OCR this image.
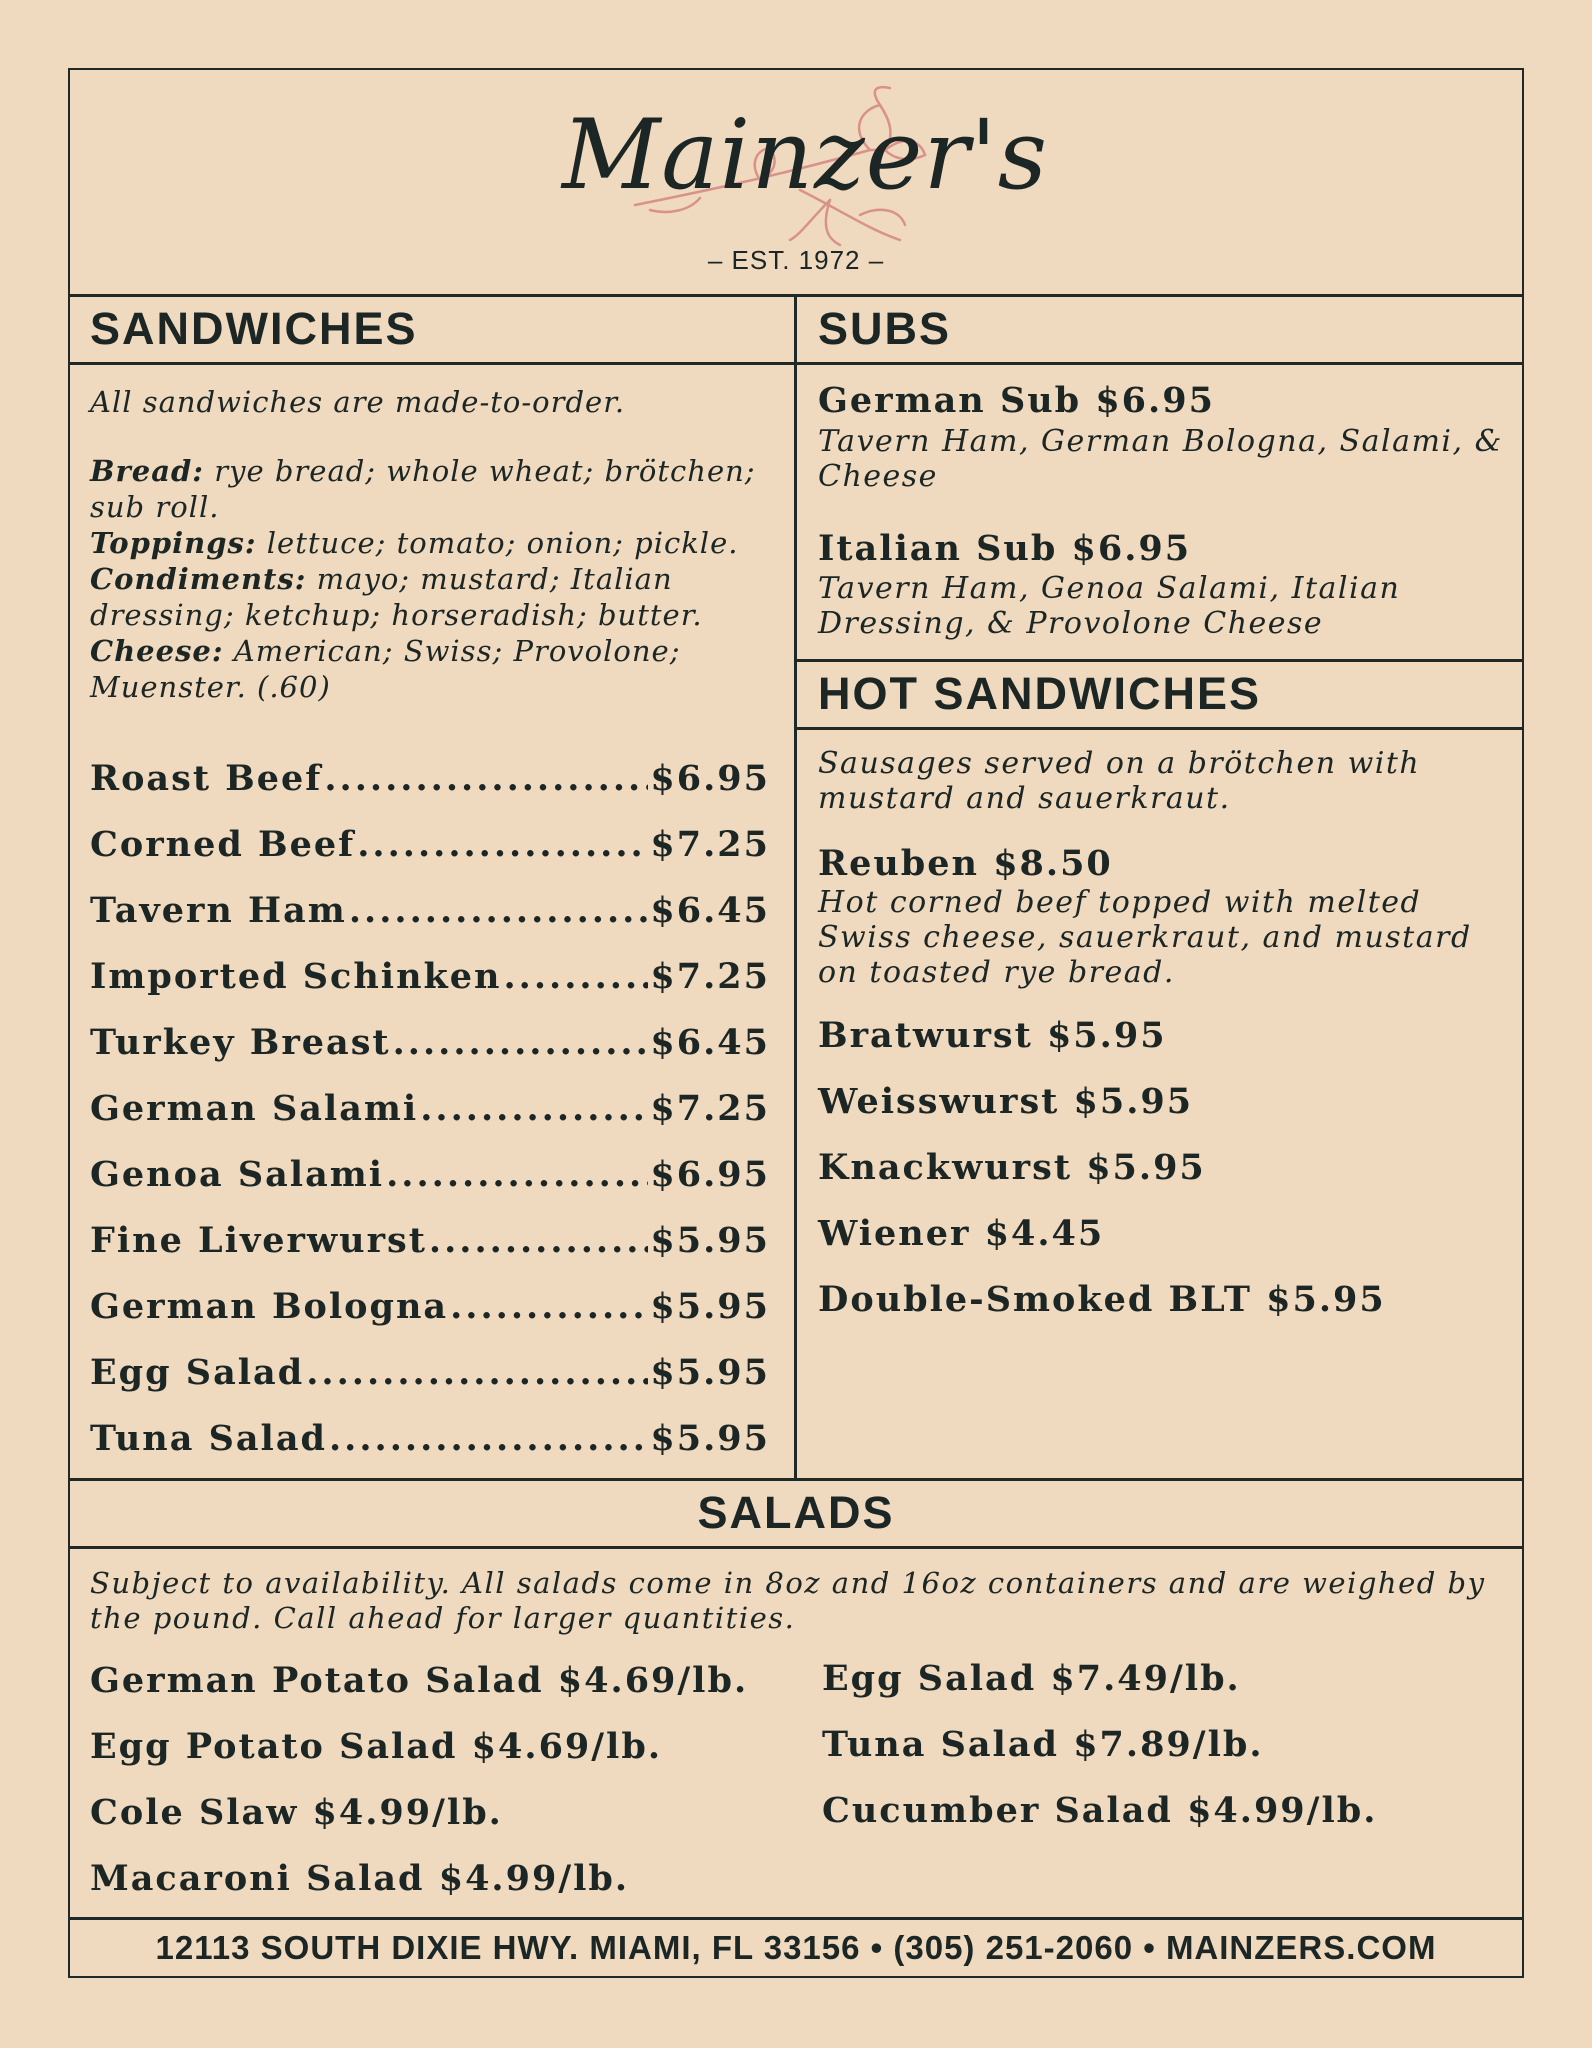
Mainzer's
– EST. 1972 –
SANDWICHES

All sandwiches are made-to-order.

Bread: rye bread; whole wheat; brötchen; sub roll.
Toppings: lettuce; tomato; onion; pickle.
Condiments: mayo; mustard; Italian dressing; ketchup; horseradish; butter.
Cheese: American; Swiss; Provolone; Muenster. (.60)
Roast Beef .....	$6.95
Corned Beef .....	$7.25
Tavern Ham .....	$6.45
Imported Schinken .....	$7.25
Turkey Breast .....	$6.45
German Salami .....	$7.25
Genoa Salami .....	$6.95
Fine Liverwurst .....	$5.95
German Bologna .....	$5.95
Egg Salad .....	$5.95
Tuna Salad .....	$5.95
SUBS
German Sub $6.95

Tavern Ham, German Bologna, Salami, & Cheese

Italian Sub $6.95

Tavern Ham, Genoa Salami, Italian Dressing, & Provolone Cheese

HOT SANDWICHES

Sausages served on a brötchen with mustard and sauerkraut.

Reuben $8.50

Hot corned beef topped with melted Swiss cheese, sauerkraut, and mustard on toasted rye bread.

Bratwurst $5.95
Weisswurst $5.95
Knackwurst $5.95
Wiener $4.45
Double-Smoked BLT $5.95
SALADS

Subject to availability. All salads come in 8oz and 16oz containers and are weighed by the pound. Call ahead for larger quantities.

German Potato Salad $4.69/lb.
Egg Potato Salad $4.69/lb.
Cole Slaw $4.99/lb.
Macaroni Salad $4.99/lb.
Egg Salad $7.49/lb.
Tuna Salad $7.89/lb.
Cucumber Salad $4.99/lb.
12113 SOUTH DIXIE HWY. MIAMI, FL 33156 • (305) 251-2060 • MAINZERS.COM
